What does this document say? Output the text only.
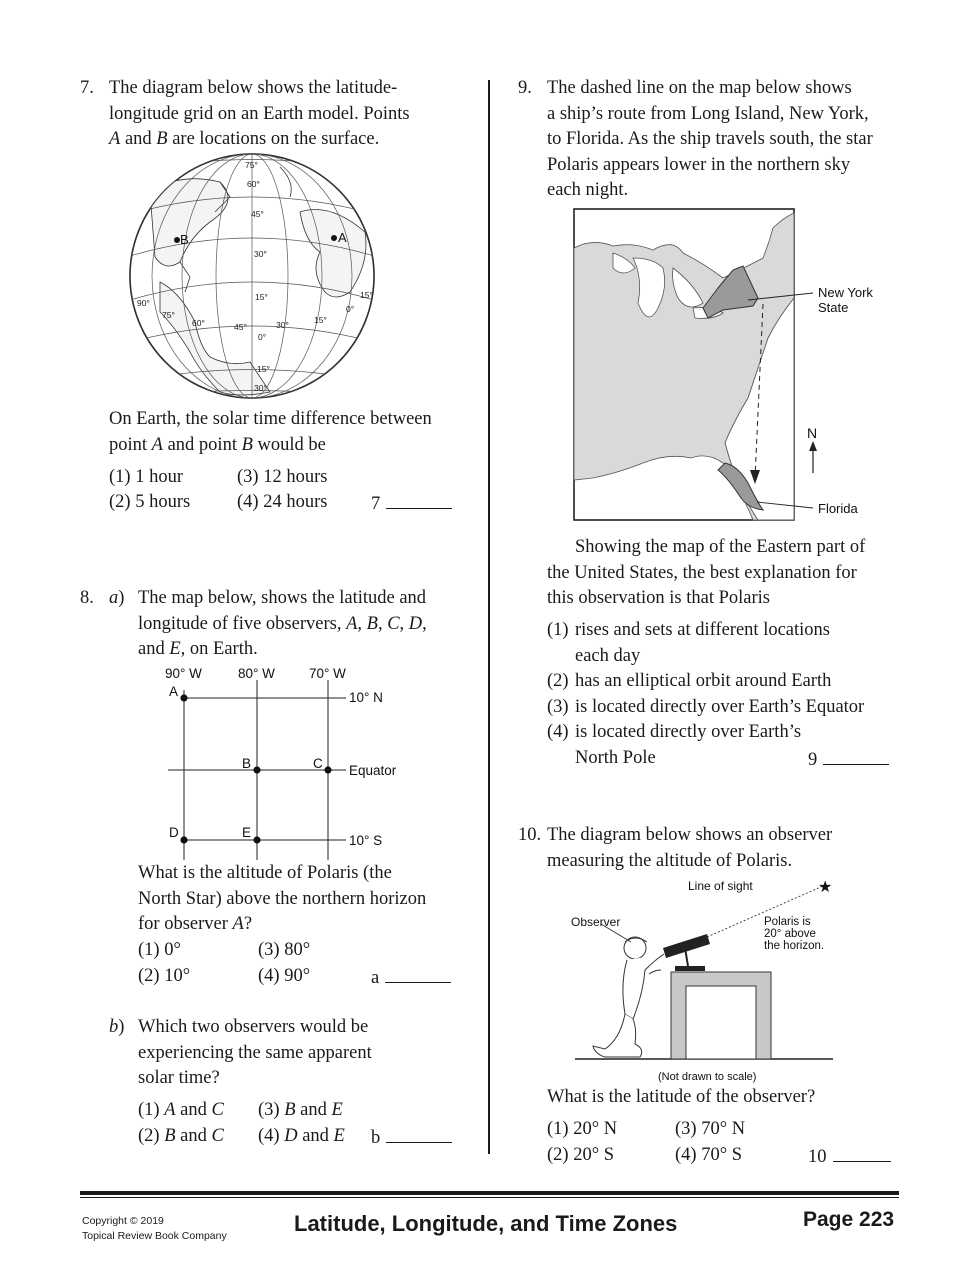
7. The diagram below shows the latitude-
longitude grid on an Earth model. Points
A and B are locations on the surface.
75°
60°
45°
30°
15°
0°
15°
30°
90°
75°
60°	45°	30°	15°
0°
15°
B	A
On Earth, the solar time difference between
point A and point B would be
(1) 1 hour	(3) 12 hours
(2) 5 hours	(4) 24 hours 7
8. a) The map below, shows the latitude and
longitude of five observers, A, B, C, D,
and E, on Earth.
90° W	80° W	70° W
10° N
Equator
10° S
A
B	C
D	E
What is the altitude of Polaris (the
North Star) above the northern horizon
for observer A?
(1) 0°	(3) 80°
(2) 10°	(4) 90°	a
b) Which two observers would be
experiencing the same apparent
solar time?
(1) A and C (3) B and E
(2) B and C (4) D and E b
9. The dashed line on the map below shows
a ship’s route from Long Island, New York,
to Florida. As the ship travels south, the star
Polaris appears lower in the northern sky
each night.
New York
State
N
Florida
Showing the map of the Eastern part of
the United States, the best explanation for
this observation is that Polaris
(1) rises and sets at different locations
each day
(2) has an elliptical orbit around Earth
(3) is located directly over Earth’s Equator
(4) is located directly over Earth’s
North Pole	9
10. The diagram below shows an observer
measuring the altitude of Polaris.
★
Line of sight
Observer	Polaris is
20° above
the horizon.
(Not drawn to scale)
What is the latitude of the observer?
(1) 20° N	(3) 70° N
(2) 20° S	(4) 70° S	10
Copyright © 2019
Topical Review Book Company	Latitude, Longitude, and Time Zones	Page 223
